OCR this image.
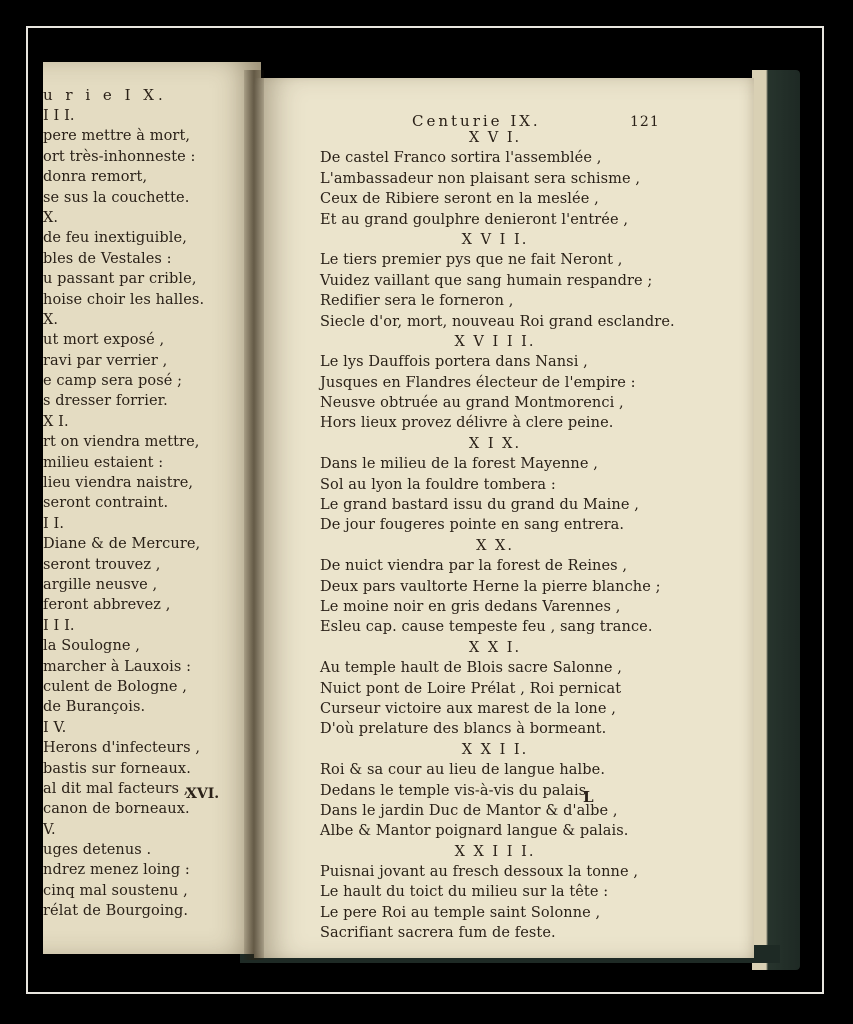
u r i e I X.
Centurie IX.	121
I I I.
pere mettre à mort,
ort très-inhonneste :
donra remort,
se sus la couchette.
X.
de feu inextiguible,
bles de Vestales :
u passant par crible,
hoise choir les halles.
X.
ut mort exposé ,
ravi par verrier ,
e camp sera posé ;
s dresser forrier.
X I.
rt on viendra mettre,
milieu estaient :
lieu viendra naistre,
seront contraint.
I I.
Diane & de Mercure,
seront trouvez ,
argille neusve ,
feront abbrevez ,
I I I.
la Soulogne ,
marcher à Lauxois :
culent de Bologne ,
de Burançois.
I V.
Herons d'infecteurs ,
bastis sur forneaux.
al dit mal facteurs ,
canon de borneaux.
V.
uges detenus .
ndrez menez loing :
cinq mal soustenu ,
rélat de Bourgoing.
X V I.
De castel Franco sortira l'assemblée ,
L'ambassadeur non plaisant sera schisme ,
Ceux de Ribiere seront en la meslée ,
Et au grand goulphre denieront l'entrée ,
X V I I.
Le tiers premier pys que ne fait Neront ,
Vuidez vaillant que sang humain respandre ;
Redifier sera le forneron ,
Siecle d'or, mort, nouveau Roi grand esclandre.
X V I I I.
Le lys Dauffois portera dans Nansi ,
Jusques en Flandres électeur de l'empire :
Neusve obtruée au grand Montmorenci ,
Hors lieux provez délivre à clere peine.
X I X.
Dans le milieu de la forest Mayenne ,
Sol au lyon la fouldre tombera :
Le grand bastard issu du grand du Maine ,
De jour fougeres pointe en sang entrera.
X X.
De nuict viendra par la forest de Reines ,
Deux pars vaultorte Herne la pierre blanche ;
Le moine noir en gris dedans Varennes ,
Esleu cap. cause tempeste feu , sang trance.
X X I.
Au temple hault de Blois sacre Salonne ,
Nuict pont de Loire Prélat , Roi pernicat
Curseur victoire aux marest de la lone ,
D'où prelature des blancs à bormeant.
X X I I.
Roi & sa cour au lieu de langue halbe.
Dedans le temple vis-à-vis du palais
Dans le jardin Duc de Mantor & d'albe ,
Albe & Mantor poignard langue & palais.
X X I I I.
Puisnai jovant au fresch dessoux la tonne ,
Le hault du toict du milieu sur la tête :
Le pere Roi au temple saint Solonne ,
Sacrifiant sacrera fum de feste.
XVI.	L
